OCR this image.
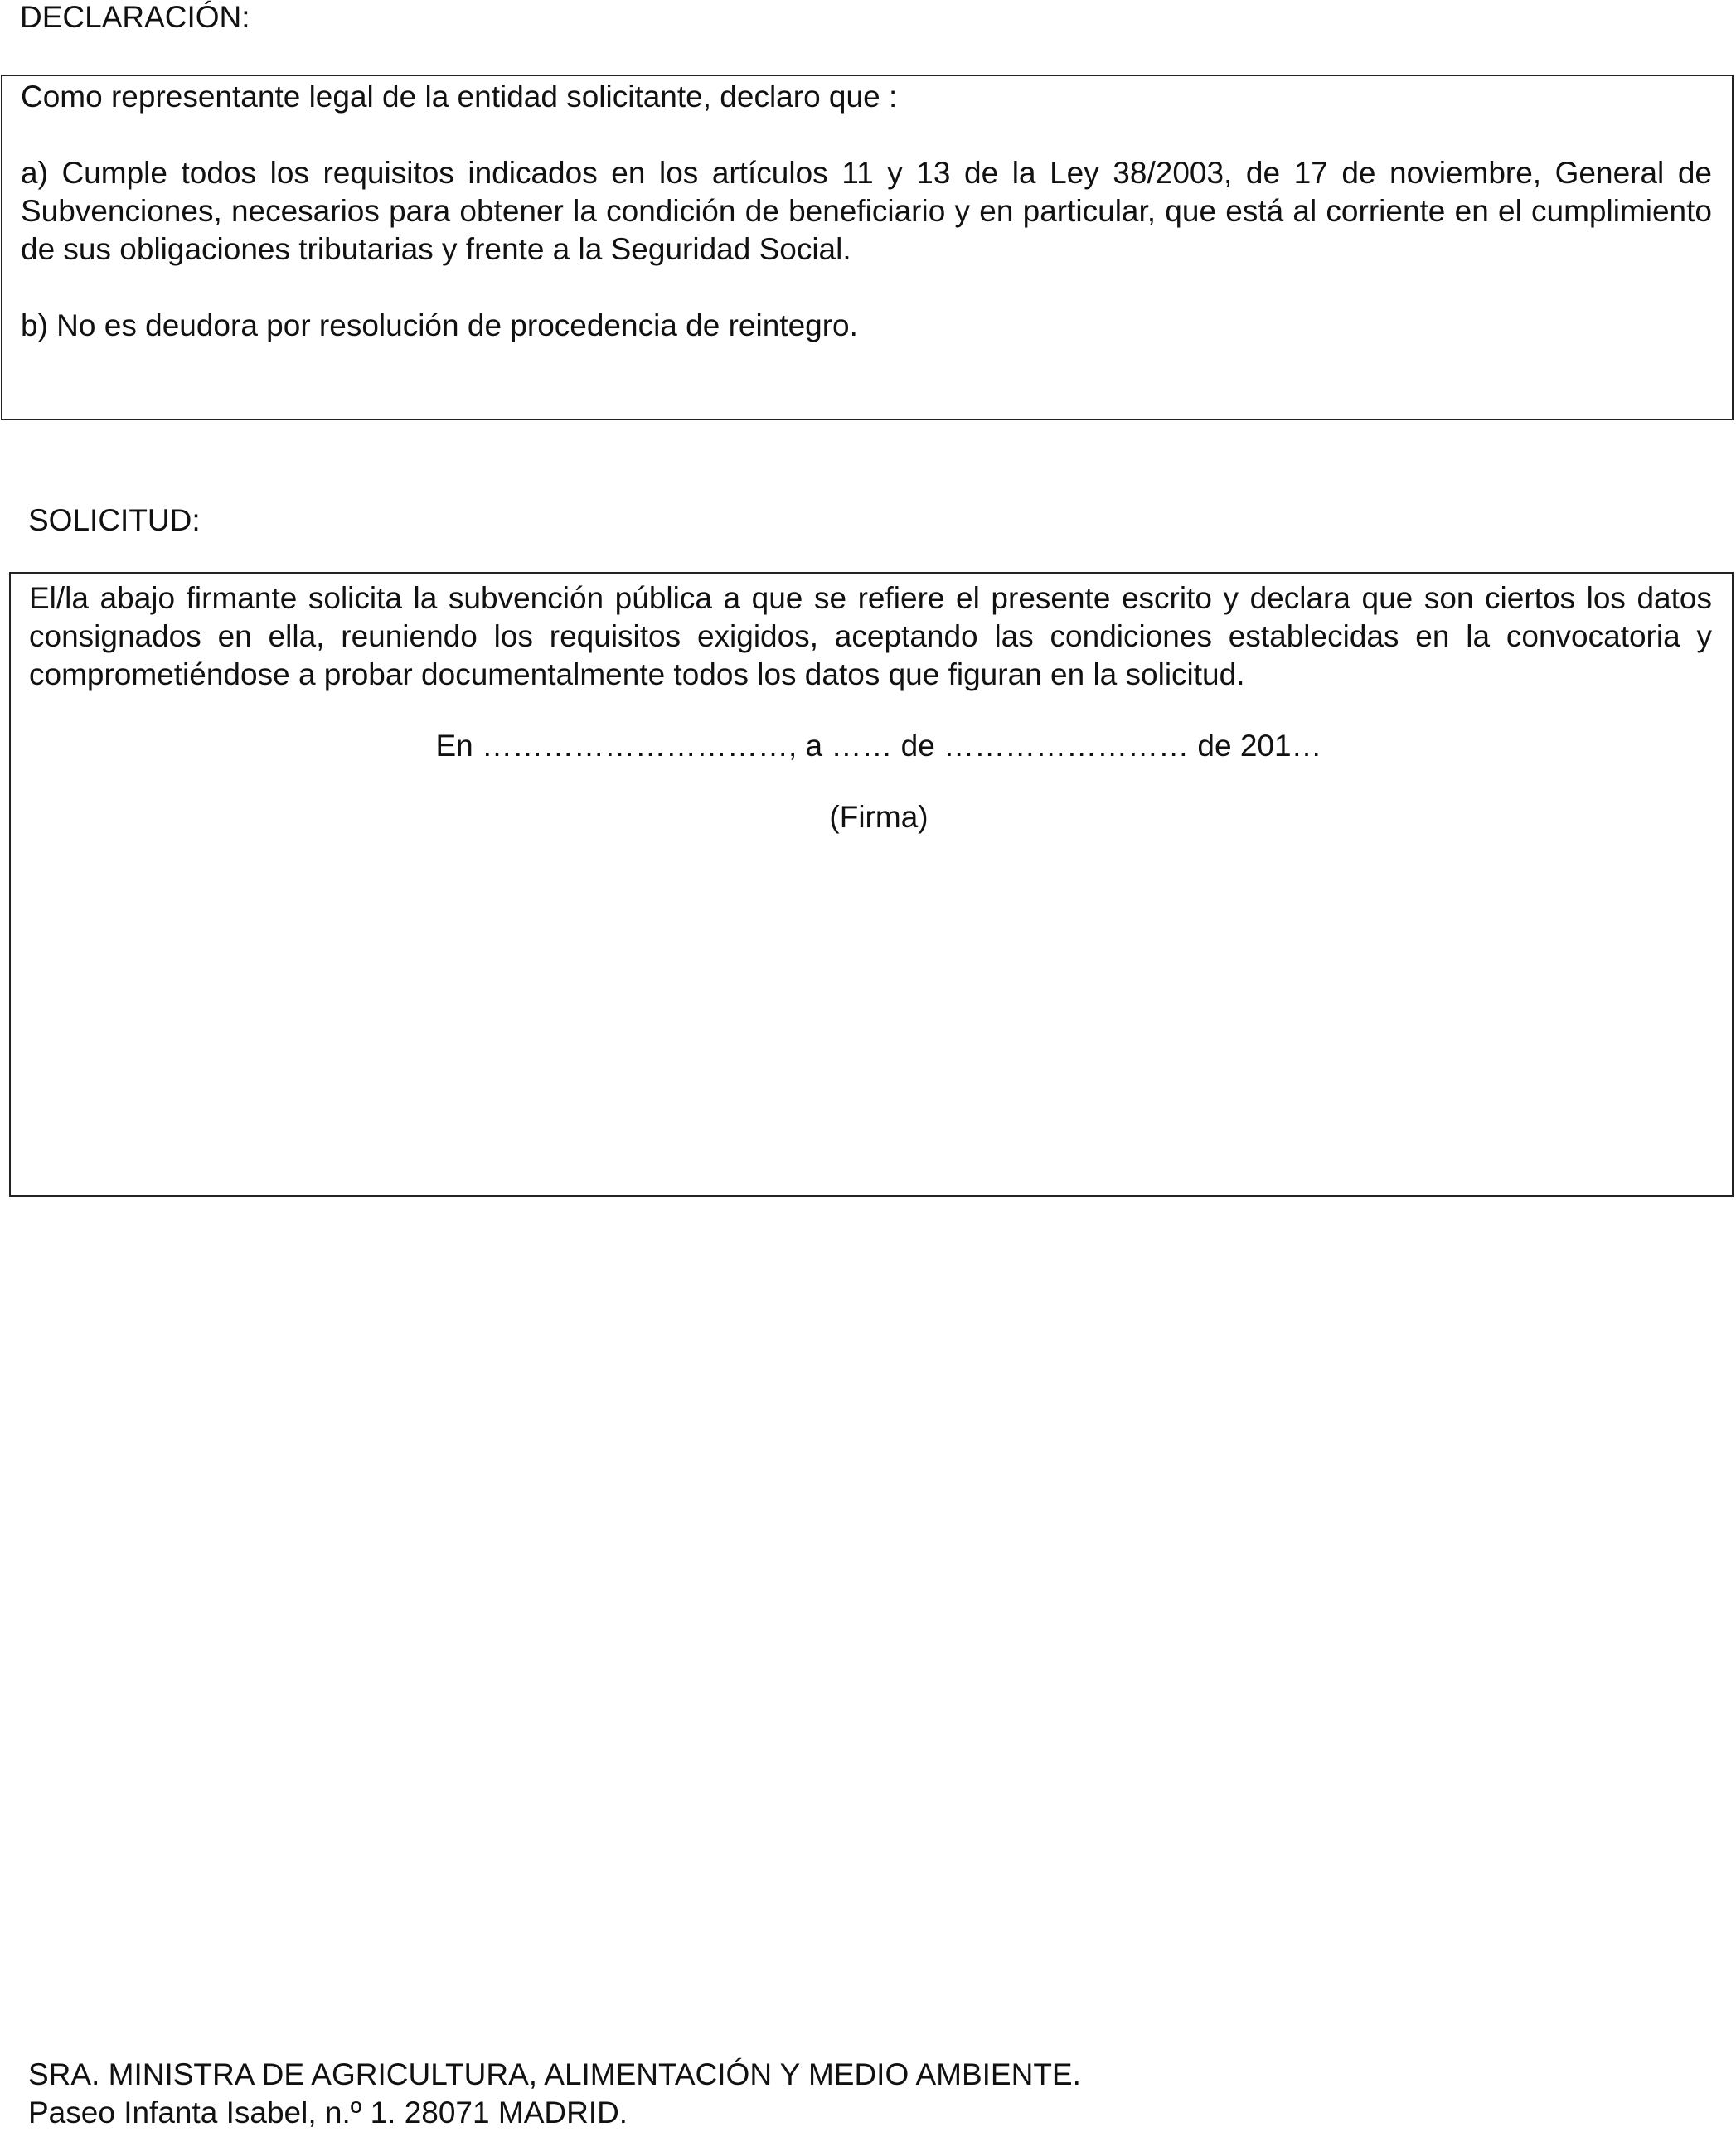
DECLARACIÓN:

Como representante legal de la entidad solicitante, declaro que :

a) Cumple todos los requisitos indicados en los artículos 11 y 13 de la Ley 38/2003, de 17 de noviembre, General de Subvenciones, necesarios para obtener la condición de beneficiario y en particular, que está al corriente en el cumplimiento de sus obligaciones tributarias y frente a la Seguridad Social.

b) No es deudora por resolución de procedencia de reintegro.

SOLICITUD:

El/la abajo firmante solicita la subvención pública a que se refiere el presente escrito y declara que son ciertos los datos consignados en ella, reuniendo los requisitos exigidos, aceptando las condiciones establecidas en la convocatoria y comprometiéndose a probar documentalmente todos los datos que figuran en la solicitud.

En …………………………, a …… de …………………… de 201…

(Firma)

SRA. MINISTRA DE AGRICULTURA, ALIMENTACIÓN Y MEDIO AMBIENTE.
Paseo Infanta Isabel, n.º 1. 28071 MADRID.
